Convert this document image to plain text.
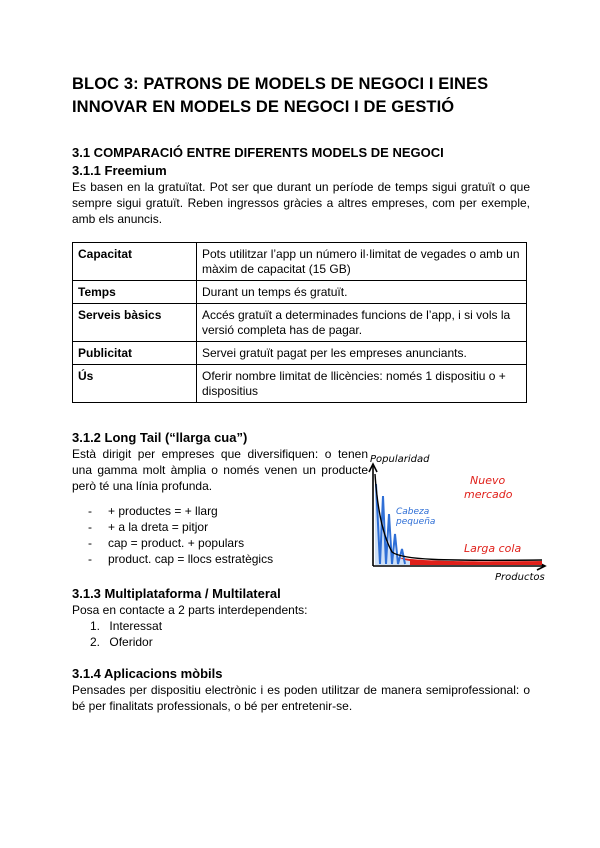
BLOC 3: PATRONS DE MODELS DE NEGOCI I EINES
INNOVAR EN MODELS DE NEGOCI I DE GESTIÓ
3.1 COMPARACIÓ ENTRE DIFERENTS MODELS DE NEGOCI
3.1.1 Freemium
Es basen en la gratuïtat. Pot ser que durant un període de temps sigui gratuït o que sempre sigui gratuït. Reben ingressos gràcies a altres empreses, com per exemple, amb els anuncis.
Capacitat	Pots utilitzar l’app un número il·limitat de vegades o amb un màxim de capacitat (15 GB)
Temps	Durant un temps és gratuït.
Serveis bàsics	Accés gratuït a determinades funcions de l’app, i si vols la versió completa has de pagar.
Publicitat	Servei gratuït pagat per les empreses anunciants.
Ús	Oferir nombre limitat de llicències: només 1 dispositiu o + dispositius
3.1.2 Long Tail (“llarga cua”)
Està dirigit per empreses que diversifiquen: o tenen una gamma molt àmplia o només venen un producte però té una línia profunda.
- + productes = + llarg
- + a la dreta = pitjor
- cap = product. + populars
- product. cap = llocs estratègics
Popularidad
Productos
Cabeza
pequeña
Nuevo
mercado
Larga cola
3.1.3 Multiplataforma / Multilateral
Posa en contacte a 2 parts interdependents:
1. Interessat
2. Oferidor
3.1.4 Aplicacions mòbils
Pensades per dispositiu electrònic i es poden utilitzar de manera semiprofessional: o bé per finalitats professionals, o bé per entretenir-se.
